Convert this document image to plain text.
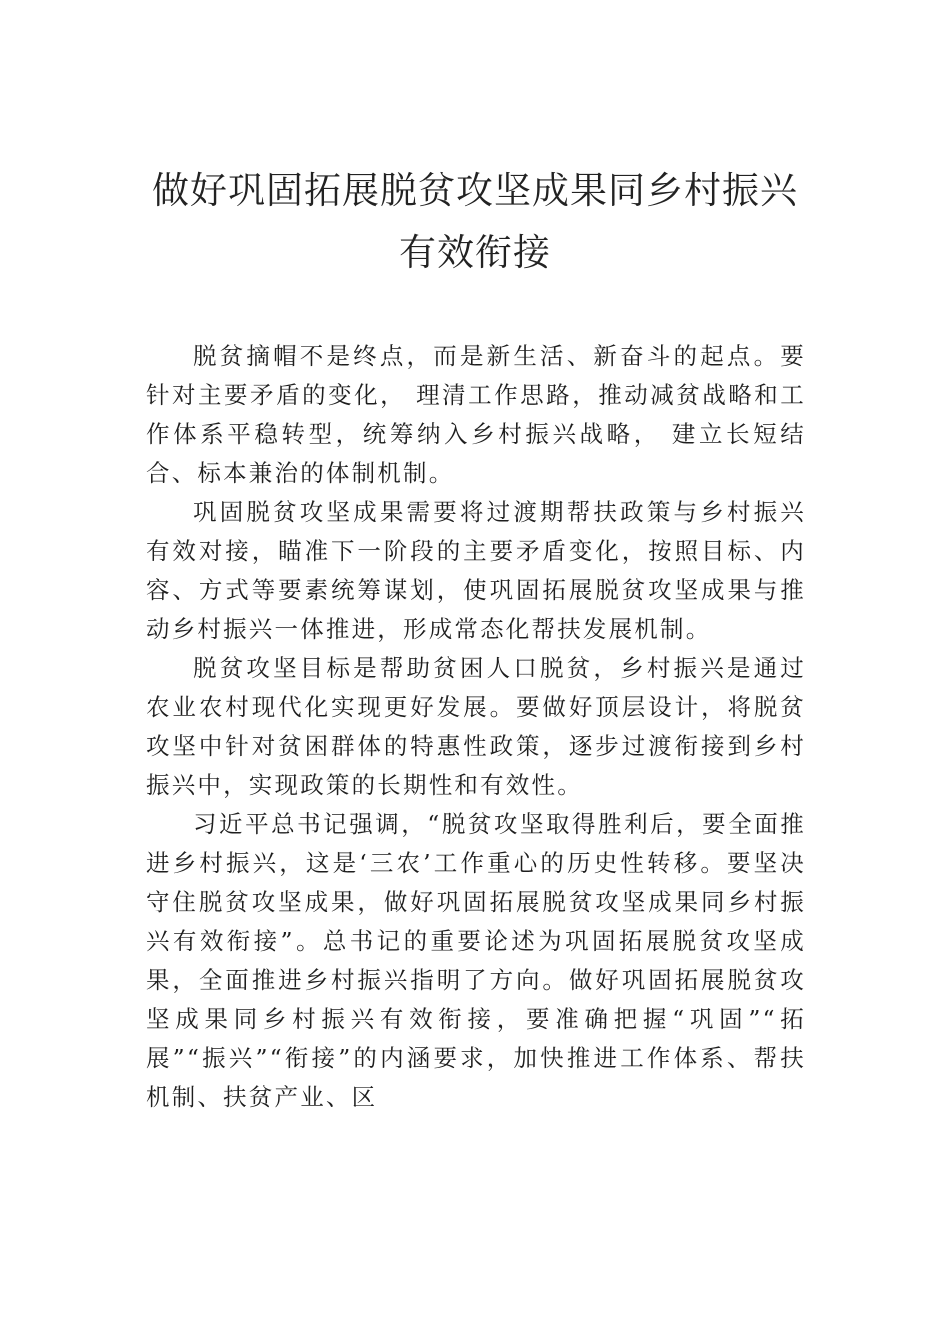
做好巩固拓展脱贫攻坚成果同乡村振兴有效衔接

脱贫摘帽不是终点，而是新生活、新奋斗的起点。要针对主要矛盾的变化， 理清工作思路，推动减贫战略和工作体系平稳转型，统筹纳入乡村振兴战略， 建立长短结合、标本兼治的体制机制。

巩固脱贫攻坚成果需要将过渡期帮扶政策与乡村振兴有效对接，瞄准下一阶段的主要矛盾变化，按照目标、内容、方式等要素统筹谋划，使巩固拓展脱贫攻坚成果与推动乡村振兴一体推进，形成常态化帮扶发展机制。

脱贫攻坚目标是帮助贫困人口脱贫，乡村振兴是通过农业农村现代化实现更好发展。要做好顶层设计，将脱贫攻坚中针对贫困群体的特惠性政策，逐步过渡衔接到乡村振兴中，实现政策的长期性和有效性。

习近平总书记强调，“脱贫攻坚取得胜利后，要全面推进乡村振兴，这是‘三农’工作重心的历史性转移。要坚决守住脱贫攻坚成果，做好巩固拓展脱贫攻坚成果同乡村振兴有效衔接”。总书记的重要论述为巩固拓展脱贫攻坚成果，全面推进乡村振兴指明了方向。做好巩固拓展脱贫攻坚成果同乡村振兴有效衔接，要准确把握“巩固”“拓展”“振兴”“衔接”的内涵要求，加快推进工作体系、帮扶机制、扶贫产业、区
